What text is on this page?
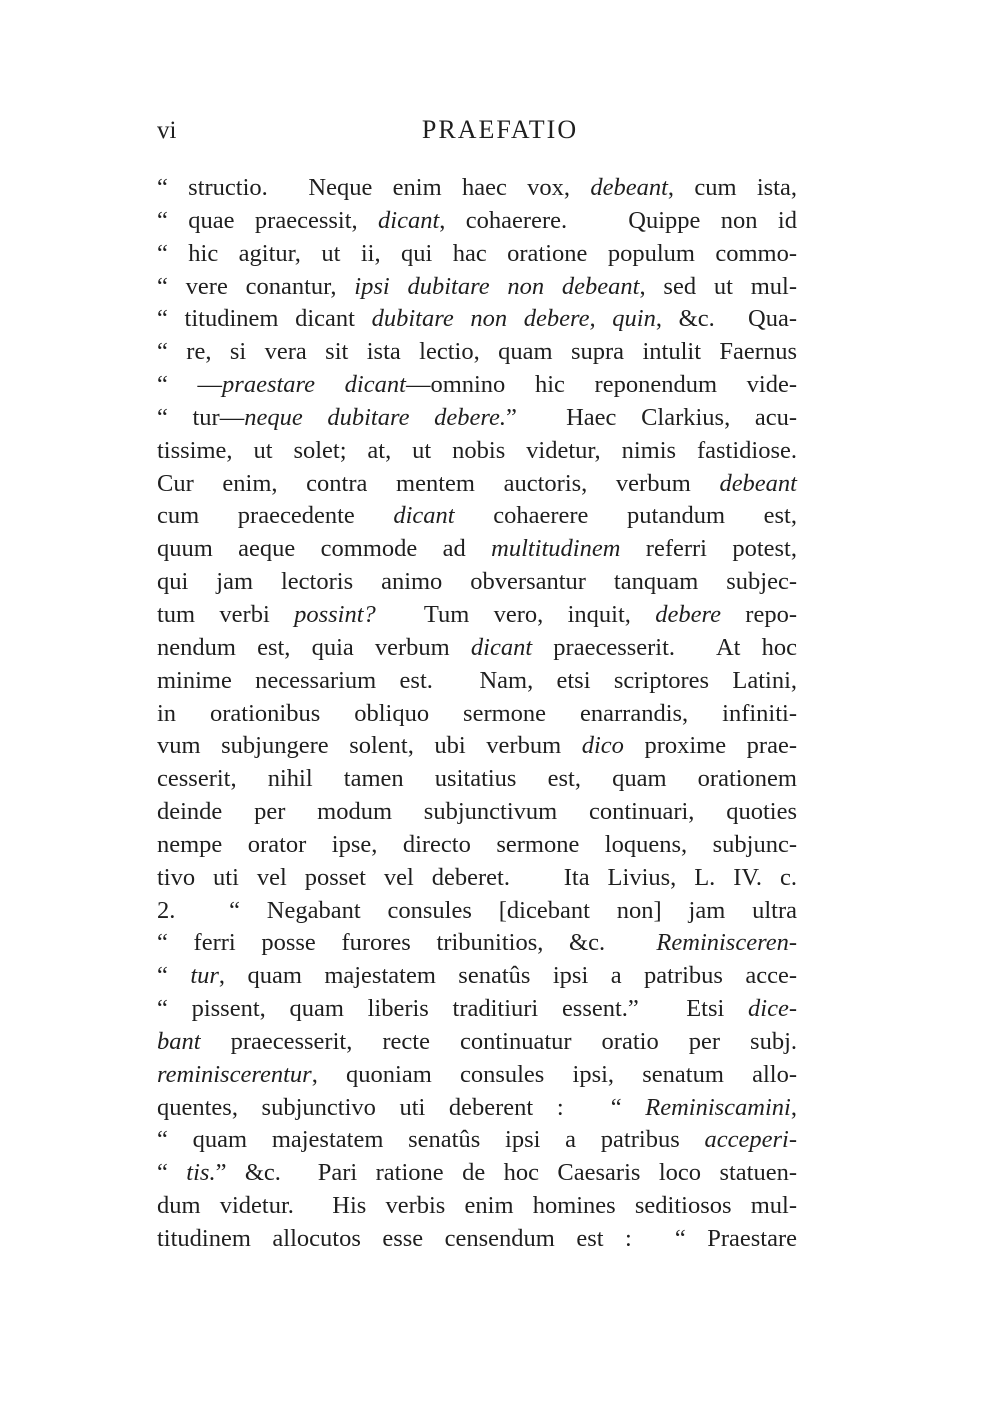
vi	PRAEFATIO
“ structio.  Neque enim haec vox, debeant, cum ista,
“ quae praecessit, dicant, cohaerere.   Quippe non id
“ hic agitur, ut ii, qui hac oratione populum commo-
“ vere conantur, ipsi dubitare non debeant, sed ut mul-
“ titudinem dicant dubitare non debere, quin, &c.  Qua-
“ re, si vera sit ista lectio, quam supra intulit Faernus
“ —praestare dicant—omnino hic reponendum vide-
“ tur—neque dubitare debere.”  Haec Clarkius, acu-
tissime, ut solet; at, ut nobis videtur, nimis fastidiose.
Cur enim, contra mentem auctoris, verbum debeant
cum praecedente dicant cohaerere putandum est,
quum aeque commode ad multitudinem referri potest,
qui jam lectoris animo obversantur tanquam subjec-
tum verbi possint?  Tum vero, inquit, debere repo-
nendum est, quia verbum dicant praecesserit.  At hoc
minime necessarium est.  Nam, etsi scriptores Latini,
in orationibus obliquo sermone enarrandis, infiniti-
vum subjungere solent, ubi verbum dico proxime prae-
cesserit, nihil tamen usitatius est, quam orationem
deinde per modum subjunctivum continuari, quoties
nempe orator ipse, directo sermone loquens, subjunc-
tivo uti vel posset vel deberet.   Ita Livius, L. IV. c.
2.  “ Negabant consules [dicebant non] jam ultra
“ ferri posse furores tribunitios, &c.  Reminisceren-
“ tur, quam majestatem senatûs ipsi a patribus acce-
“ pissent, quam liberis traditiuri essent.”  Etsi dice-
bant praecesserit, recte continuatur oratio per subj.
reminiscerentur, quoniam consules ipsi, senatum allo-
quentes, subjunctivo uti deberent :  “ Reminiscamini,
“ quam majestatem senatûs ipsi a patribus acceperi-
“ tis.” &c.  Pari ratione de hoc Caesaris loco statuen-
dum videtur.  His verbis enim homines seditiosos mul-
titudinem allocutos esse censendum est :  “ Praestare
